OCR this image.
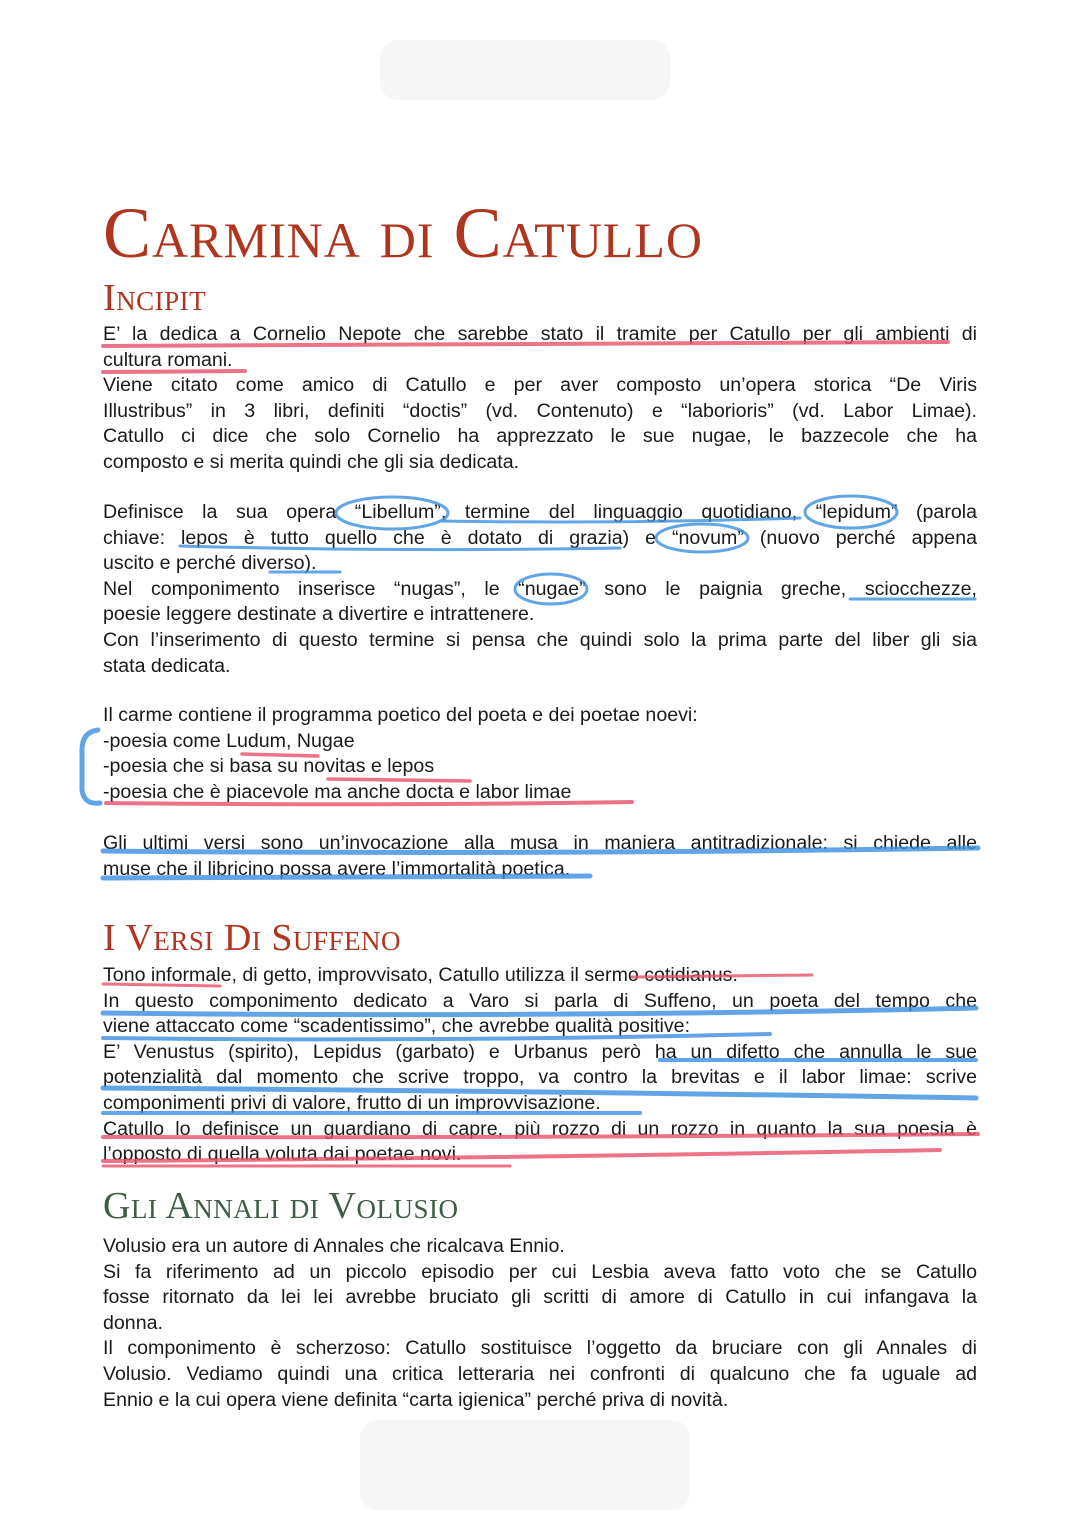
Carmina di Catullo
Incipit
E’ la dedica a Cornelio Nepote che sarebbe stato il tramite per Catullo per gli ambienti di
cultura romani.
Viene citato come amico di Catullo e per aver composto un’opera storica “De Viris
Illustribus” in 3 libri, definiti “doctis” (vd. Contenuto) e “laborioris” (vd. Labor Limae).
Catullo ci dice che solo Cornelio ha apprezzato le sue nugae, le bazzecole che ha
composto e si merita quindi che gli sia dedicata.
Definisce la sua opera “Libellum”, termine del linguaggio quotidiano, “lepidum” (parola
chiave: lepos è tutto quello che è dotato di grazia) e “novum” (nuovo perché appena
uscito e perché diverso).
Nel componimento inserisce “nugas”, le “nugae” sono le paignia greche, sciocchezze,
poesie leggere destinate a divertire e intrattenere.
Con l’inserimento di questo termine si pensa che quindi solo la prima parte del liber gli sia
stata dedicata.
Il carme contiene il programma poetico del poeta e dei poetae noevi:
-poesia come Ludum, Nugae
-poesia che si basa su novitas e lepos
-poesia che è piacevole ma anche docta e labor limae
Gli ultimi versi sono un’invocazione alla musa in maniera antitradizionale: si chiede alle
muse che il libricino possa avere l’immortalità poetica.
I Versi Di Suffeno
Tono informale, di getto, improvvisato, Catullo utilizza il sermo cotidianus.
In questo componimento dedicato a Varo si parla di Suffeno, un poeta del tempo che
viene attaccato come “scadentissimo”, che avrebbe qualità positive:
E’ Venustus (spirito), Lepidus (garbato) e Urbanus però ha un difetto che annulla le sue
potenzialità dal momento che scrive troppo, va contro la brevitas e il labor limae: scrive
componimenti privi di valore, frutto di un improvvisazione.
Catullo lo definisce un guardiano di capre, più rozzo di un rozzo in quanto la sua poesia è
l’opposto di quella voluta dai poetae novi.
Gli Annali di Volusio
Volusio era un autore di Annales che ricalcava Ennio.
Si fa riferimento ad un piccolo episodio per cui Lesbia aveva fatto voto che se Catullo
fosse ritornato da lei lei avrebbe bruciato gli scritti di amore di Catullo in cui infangava la
donna.
Il componimento è scherzoso: Catullo sostituisce l’oggetto da bruciare con gli Annales di
Volusio. Vediamo quindi una critica letteraria nei confronti di qualcuno che fa uguale ad
Ennio e la cui opera viene definita “carta igienica” perché priva di novità.
